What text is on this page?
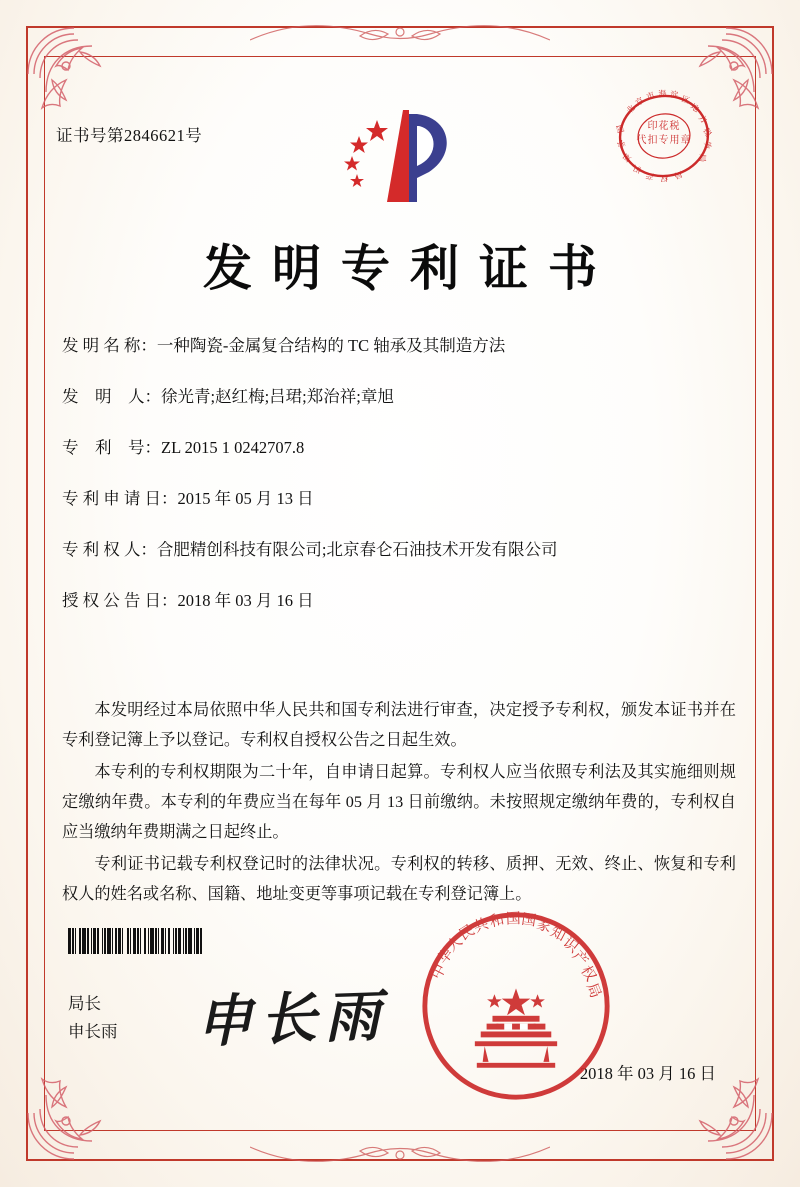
证书号第2846621号
发明专利证书
发 明 名 称： 一种陶瓷-金属复合结构的 TC 轴承及其制造方法
发    明    人： 徐光青;赵红梅;吕珺;郑治祥;章旭
专    利    号： ZL 2015 1 0242707.8
专 利 申 请 日： 2015 年 05 月 13 日
专 利 权 人： 合肥精创科技有限公司;北京春仑石油技术开发有限公司
授 权 公 告 日： 2018 年 03 月 16 日

本发明经过本局依照中华人民共和国专利法进行审查，决定授予专利权，颁发本证书并在专利登记簿上予以登记。专利权自授权公告之日起生效。

本专利的专利权期限为二十年，自申请日起算。专利权人应当依照专利法及其实施细则规定缴纳年费。本专利的年费应当在每年 05 月 13 日前缴纳。未按照规定缴纳年费的，专利权自应当缴纳年费期满之日起终止。

专利证书记载专利权登记时的法律状况。专利权的转移、质押、无效、终止、恢复和专利权人的姓名或名称、国籍、地址变更等事项记载在专利登记簿上。

局长
申长雨 申长雨
2018 年 03 月 16 日
北
京 市 海 淀 区
地
方
税
务
局
国
家
知
识
产 权 局
印花税
代扣专用章
中
华
人
民
共
和 国 国
家
知
识
产
权
局
